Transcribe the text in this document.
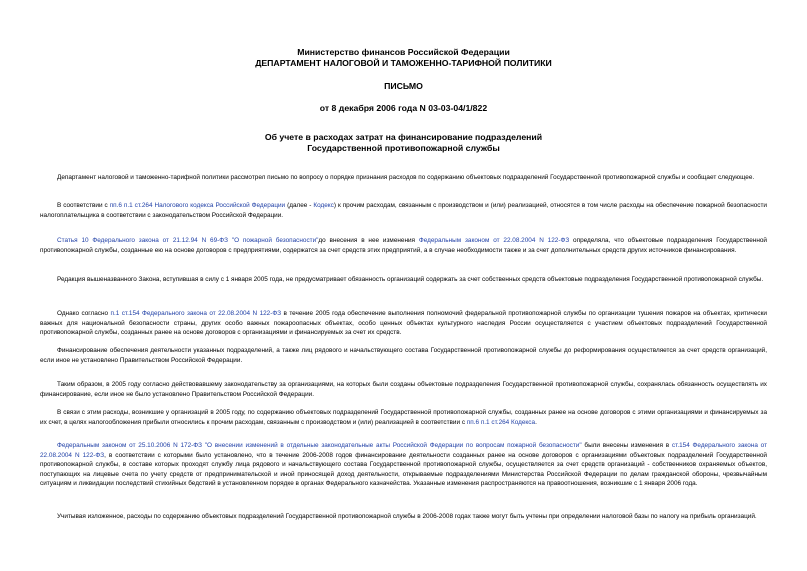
Министерство финансов Российской Федерации

ДЕПАРТАМЕНТ НАЛОГОВОЙ И ТАМОЖЕННО-ТАРИФНОЙ ПОЛИТИКИ

ПИСЬМО

от 8 декабря 2006 года N 03-03-04/1/822

Об учете в расходах затрат на финансирование подразделений
Государственной противопожарной службы

Департамент налоговой и таможенно-тарифной политики рассмотрел письмо по вопросу о порядке признания расходов по содержанию объектовых подразделений Государственной противопожарной службы и сообщает следующее.

В соответствии с пп.6 п.1 ст.264 Налогового кодекса Российской Федерации (далее - Кодекс) к прочим расходам, связанным с производством и (или) реализацией, относятся в том числе расходы на обеспечение пожарной безопасности налогоплательщика в соответствии с законодательством Российской Федерации.

Статья 10 Федерального закона от 21.12.94 N 69-ФЗ "О пожарной безопасности"до внесения в нее изменения Федеральным законом от 22.08.2004 N 122-ФЗ определяла, что объектовые подразделения Государственной противопожарной службы, созданные ею на основе договоров с предприятиями, содержатся за счет средств этих предприятий, а в случае необходимости также и за счет дополнительных средств других источников финансирования.

Редакция вышеназванного Закона, вступившая в силу с 1 января 2005 года, не предусматривает обязанность организаций содержать за счет собственных средств объектовые подразделения Государственной противопожарной службы.

Однако согласно п.1 ст.154 Федерального закона от 22.08.2004 N 122-ФЗ в течение 2005 года обеспечение выполнения полномочий федеральной противопожарной службы по организации тушения пожаров на объектах, критически важных для национальной безопасности страны, других особо важных пожароопасных объектах, особо ценных объектах культурного наследия России осуществляется с участием объектовых подразделений Государственной противопожарной службы, созданных ранее на основе договоров с организациями и финансируемых за счет их средств.

Финансирование обеспечения деятельности указанных подразделений, а также лиц рядового и начальствующего состава Государственной противопожарной службы до реформирования осуществляется за счет средств организаций, если иное не установлено Правительством Российской Федерации.

Таким образом, в 2005 году согласно действовавшему законодательству за организациями, на которых были созданы объектовые подразделения Государственной противопожарной службы, сохранялась обязанность осуществлять их финансирование, если иное не было установлено Правительством Российской Федерации.

В связи с этим расходы, возникшие у организаций в 2005 году, по содержанию объектовых подразделений Государственной противопожарной службы, созданных ранее на основе договоров с этими организациями и финансируемых за их счет, в целях налогообложения прибыли относились к прочим расходам, связанным с производством и (или) реализацией в соответствии с пп.6 п.1 ст.264 Кодекса.

Федеральным законом от 25.10.2006 N 172-ФЗ "О внесении изменений в отдельные законодательные акты Российской Федерации по вопросам пожарной безопасности" были внесены изменения в ст.154 Федерального закона от 22.08.2004 N 122-ФЗ, в соответствии с которыми было установлено, что в течение 2006-2008 годов финансирование деятельности созданных ранее на основе договоров с организациями объектовых подразделений Государственной противопожарной службы, в составе которых проходят службу лица рядового и начальствующего состава Государственной противопожарной службы, осуществляется за счет средств организаций - собственников охраняемых объектов, поступающих на лицевые счета по учету средств от предпринимательской и иной приносящей доход деятельности, открываемые подразделениями Министерства Российской Федерации по делам гражданской обороны, чрезвычайным ситуациям и ликвидации последствий стихийных бедствий в установленном порядке в органах Федерального казначейства. Указанные изменения распространяются на правоотношения, возникшие с 1 января 2006 года.

Учитывая изложенное, расходы по содержанию объектовых подразделений Государственной противопожарной службы в 2006-2008 годах также могут быть учтены при определении налоговой базы по налогу на прибыль организаций.
